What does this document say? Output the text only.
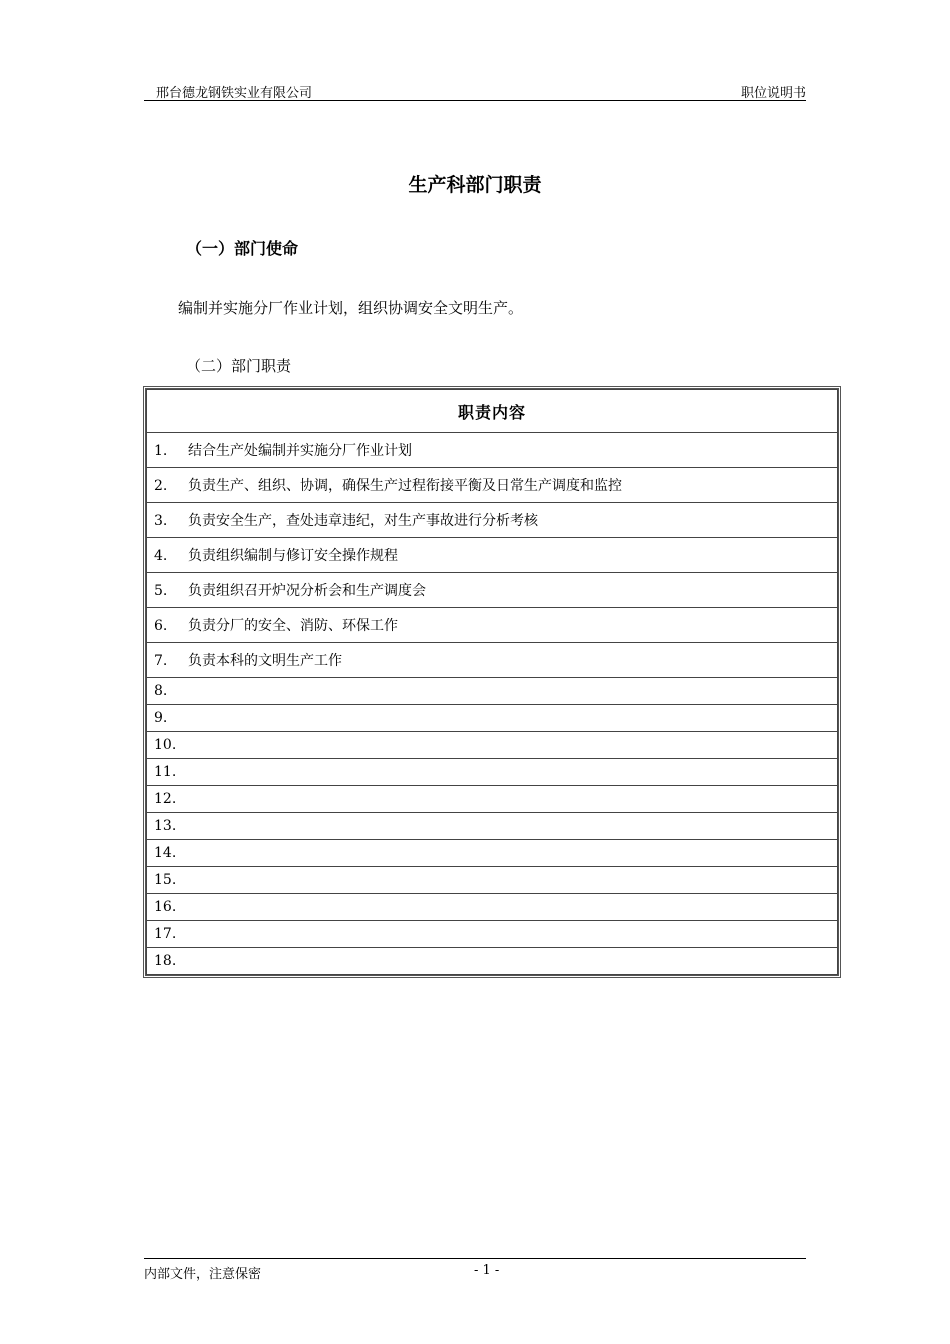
邢台德龙钢铁实业有限公司	职位说明书
生产科部门职责
（一）部门使命
编制并实施分厂作业计划，组织协调安全文明生产。
（二）部门职责
职责内容
1. 结合生产处编制并实施分厂作业计划
2. 负责生产、组织、协调，确保生产过程衔接平衡及日常生产调度和监控
3. 负责安全生产，查处违章违纪，对生产事故进行分析考核
4. 负责组织编制与修订安全操作规程
5. 负责组织召开炉况分析会和生产调度会
6. 负责分厂的安全、消防、环保工作
7. 负责本科的文明生产工作
8.
9.
10.
11.
12.
13.
14.
15.
16.
17.
18.
内部文件，注意保密	- 1 -
